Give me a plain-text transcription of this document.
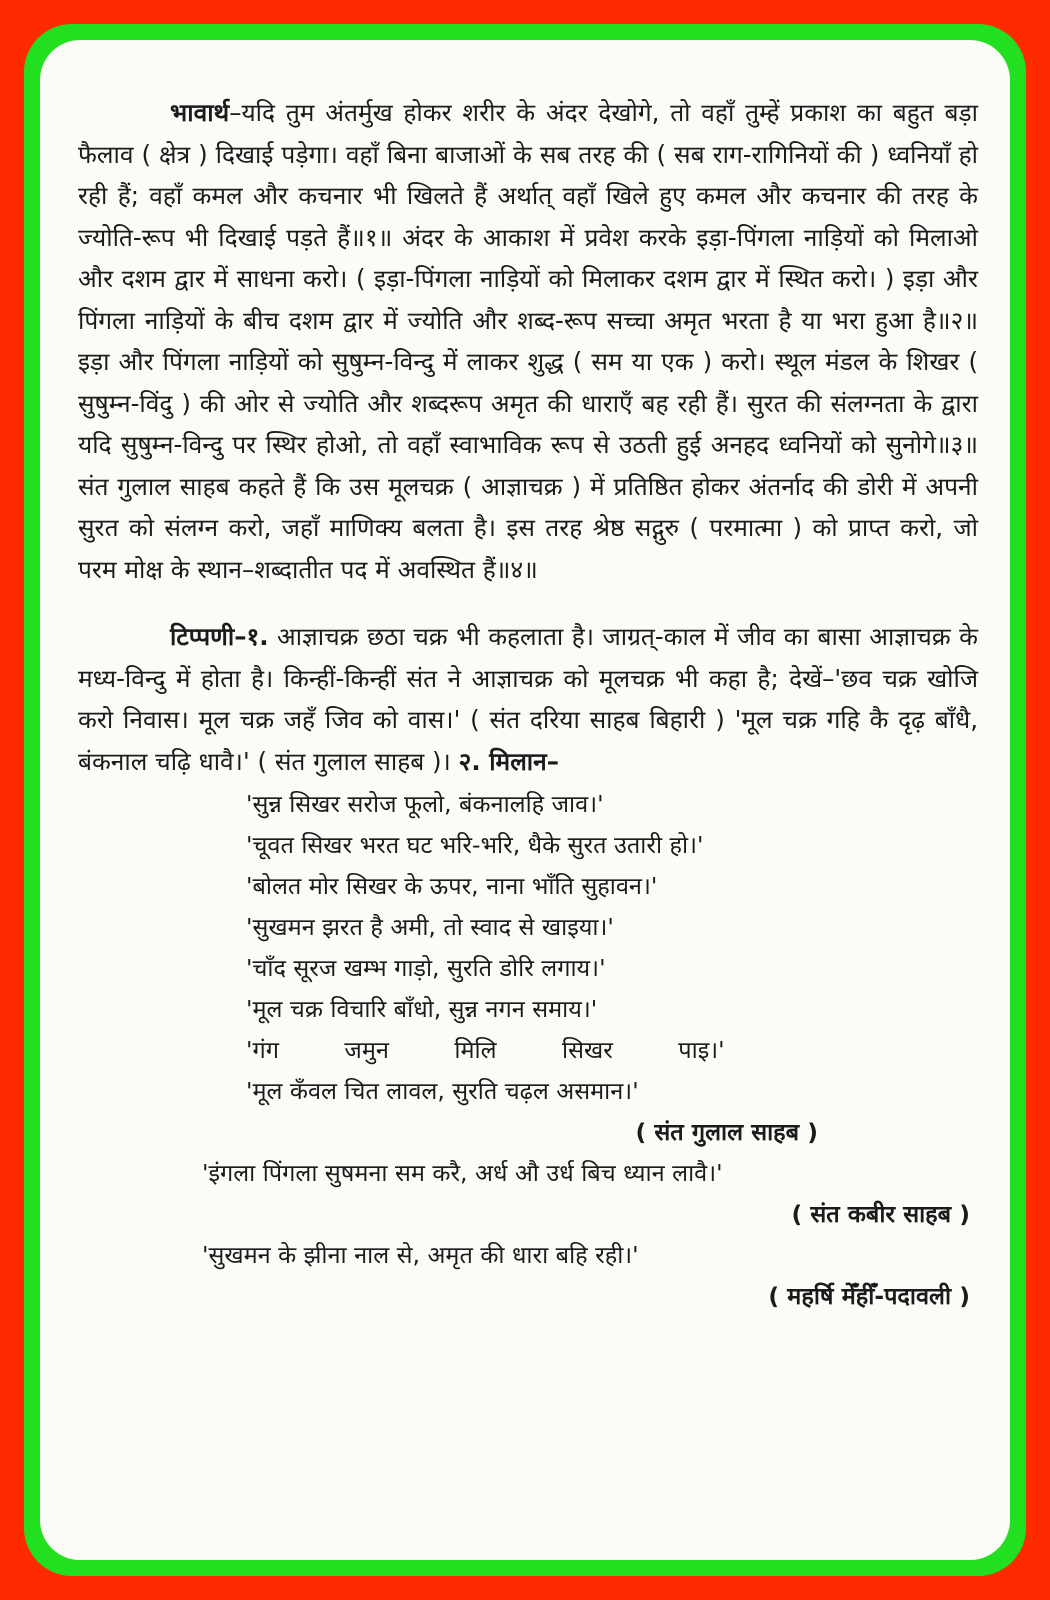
भावार्थ–यदि तुम अंतर्मुख होकर शरीर के अंदर देखोगे, तो वहाँ तुम्हें प्रकाश का बहुत बड़ा फैलाव ( क्षेत्र ) दिखाई पड़ेगा। वहाँ बिना बाजाओं के सब तरह की ( सब राग-रागिनियों की ) ध्वनियाँ हो रही हैं; वहाँ कमल और कचनार भी खिलते हैं अर्थात् वहाँ खिले हुए कमल और कचनार की तरह के ज्योति-रूप भी दिखाई पड़ते हैं॥१॥ अंदर के आकाश में प्रवेश करके इड़ा-पिंगला नाड़ियों को मिलाओ और दशम द्वार में साधना करो। ( इड़ा-पिंगला नाड़ियों को मिलाकर दशम द्वार में स्थित करो। ) इड़ा और पिंगला नाड़ियों के बीच दशम द्वार में ज्योति और शब्द-रूप सच्चा अमृत भरता है या भरा हुआ है॥२॥ इड़ा और पिंगला नाड़ियों को सुषुम्न-विन्दु में लाकर शुद्ध ( सम या एक ) करो। स्थूल मंडल के शिखर ( सुषुम्न-विंदु ) की ओर से ज्योति और शब्दरूप अमृत की धाराएँ बह रही हैं। सुरत की संलग्नता के द्वारा यदि सुषुम्न-विन्दु पर स्थिर होओ, तो वहाँ स्वाभाविक रूप से उठती हुई अनहद ध्वनियों को सुनोगे॥३॥ संत गुलाल साहब कहते हैं कि उस मूलचक्र ( आज्ञाचक्र ) में प्रतिष्ठित होकर अंतर्नाद की डोरी में अपनी सुरत को संलग्न करो, जहाँ माणिक्य बलता है। इस तरह श्रेष्ठ सद्गुरु ( परमात्मा ) को प्राप्त करो, जो परम मोक्ष के स्थान–शब्दातीत पद में अवस्थित हैं॥४॥

टिप्पणी–१. आज्ञाचक्र छठा चक्र भी कहलाता है। जाग्रत्-काल में जीव का बासा आज्ञाचक्र के मध्य-विन्दु में होता है। किन्हीं-किन्हीं संत ने आज्ञाचक्र को मूलचक्र भी कहा है; देखें–'छव चक्र खोजि करो निवास। मूल चक्र जहँ जिव को वास।' ( संत दरिया साहब बिहारी ) 'मूल चक्र गहि कै दृढ़ बाँधै, बंकनाल चढ़ि धावै।' ( संत गुलाल साहब )। २. मिलान–

'सुन्न सिखर सरोज फूलो, बंकनालहि जाव।'
'चूवत सिखर भरत घट भरि-भरि, धैके सुरत उतारी हो।'
'बोलत मोर सिखर के ऊपर, नाना भाँति सुहावन।'
'सुखमन झरत है अमी, तो स्वाद से खाइया।'
'चाँद सूरज खम्भ गाड़ो, सुरति डोरि लगाय।'
'मूल चक्र विचारि बाँधो, सुन्न नगन समाय।'
'गंग जमुन मिलि सिखर पाइ।'
'मूल कँवल चित लावल, सुरति चढ़ल असमान।'
( संत गुलाल साहब )
'इंगला पिंगला सुषमना सम करै, अर्ध औ उर्ध बिच ध्यान लावै।'
( संत कबीर साहब )
'सुखमन के झीना नाल से, अमृत की धारा बहि रही।'
( महर्षि मेँहीँ-पदावली )
